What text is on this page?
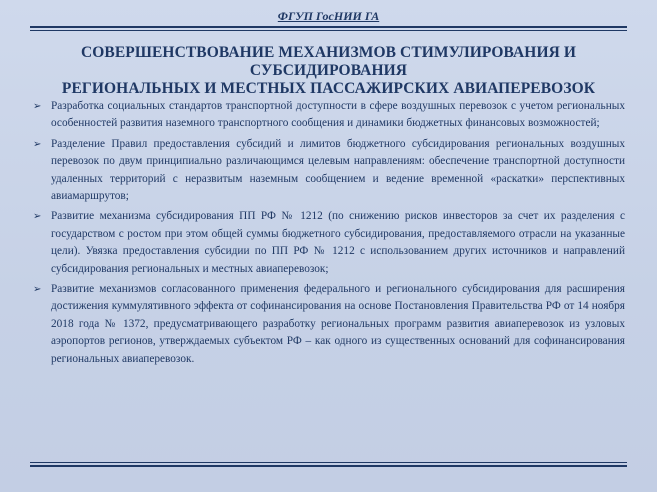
ФГУП ГосНИИ ГА
СОВЕРШЕНСТВОВАНИЕ МЕХАНИЗМОВ СТИМУЛИРОВАНИЯ И СУБСИДИРОВАНИЯ
РЕГИОНАЛЬНЫХ И МЕСТНЫХ ПАССАЖИРСКИХ АВИАПЕРЕВОЗОК
➢ Разработка социальных стандартов транспортной доступности в сфере воздушных перевозок с учетом региональных особенностей развития наземного транспортного сообщения и динамики бюджетных финансовых возможностей;
➢ Разделение Правил предоставления субсидий и лимитов бюджетного субсидирования региональных воздушных перевозок по двум принципиально различающимся целевым направлениям: обеспечение транспортной доступности удаленных территорий с неразвитым наземным сообщением и ведение временной «раскатки» перспективных авиамаршрутов;
➢ Развитие механизма субсидирования ПП РФ № 1212 (по снижению рисков инвесторов за счет их разделения с государством с ростом при этом общей суммы бюджетного субсидирования, предоставляемого отрасли на указанные цели). Увязка предоставления субсидии по ПП РФ № 1212 с использованием других источников и направлений субсидирования региональных и местных авиаперевозок;
➢ Развитие механизмов согласованного применения федерального и регионального субсидирования для расширения достижения куммулятивного эффекта от софинансирования на основе Постановления Правительства РФ от 14 ноября 2018 года № 1372, предусматривающего разработку региональных программ развития авиаперевозок из узловых аэропортов регионов, утверждаемых субъектом РФ – как одного из существенных оснований для софинансирования региональных авиаперевозок.
